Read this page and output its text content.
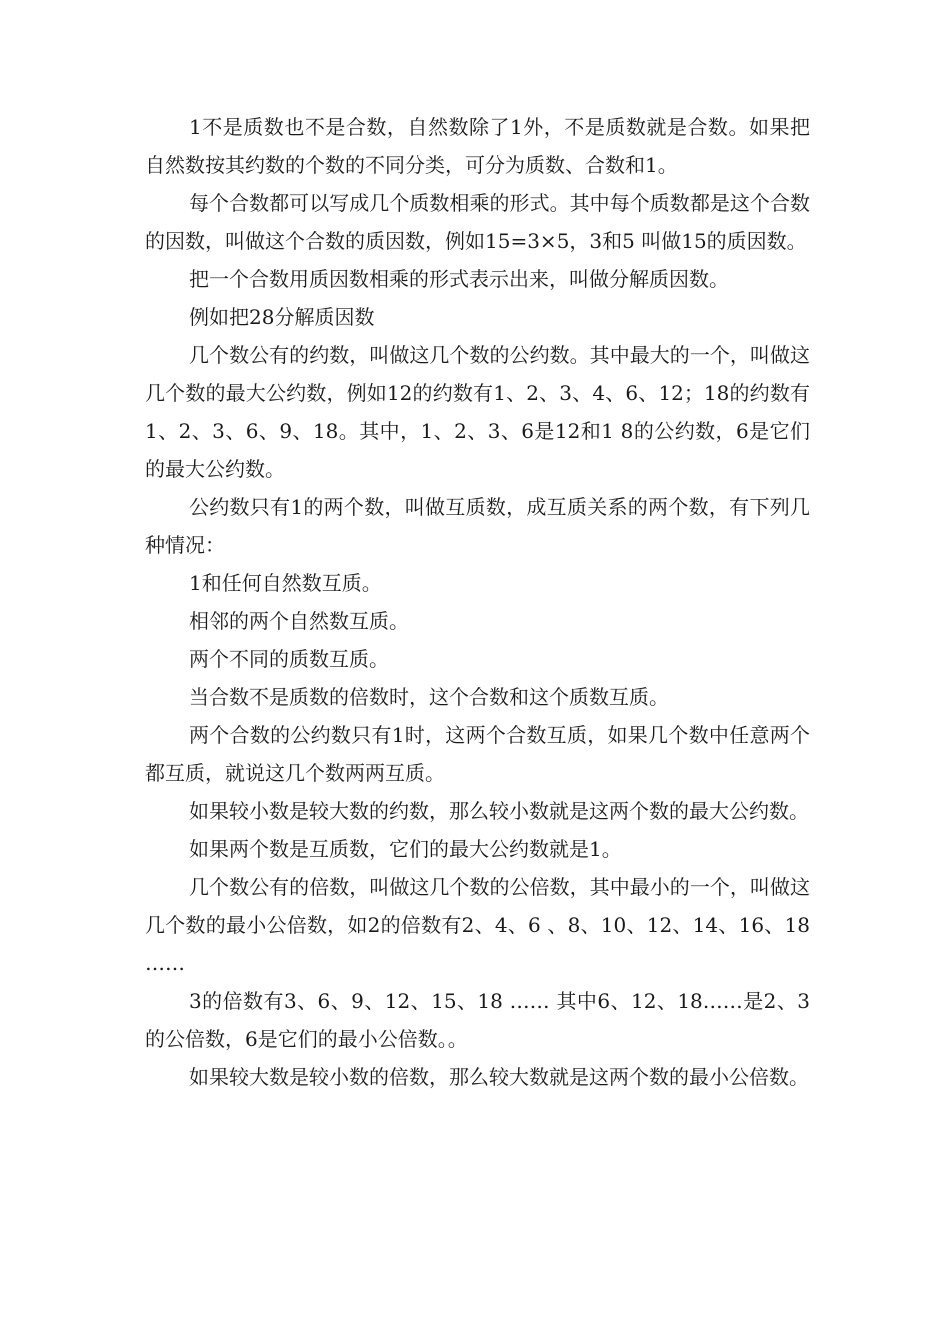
1不是质数也不是合数，自然数除了1外，不是质数就是合数。如果把自然数按其约数的个数的不同分类，可分为质数、合数和1。

每个合数都可以写成几个质数相乘的形式。其中每个质数都是这个合数的因数，叫做这个合数的质因数，例如15=3×5，3和5 叫做15的质因数。

把一个合数用质因数相乘的形式表示出来，叫做分解质因数。

例如把28分解质因数

几个数公有的约数，叫做这几个数的公约数。其中最大的一个，叫做这几个数的最大公约数，例如12的约数有1、2、3、4、6、12；18的约数有1、2、3、6、9、18。其中，1、2、3、6是12和1 8的公约数，6是它们的最大公约数。

公约数只有1的两个数，叫做互质数，成互质关系的两个数，有下列几种情况：

1和任何自然数互质。

相邻的两个自然数互质。

两个不同的质数互质。

当合数不是质数的倍数时，这个合数和这个质数互质。

两个合数的公约数只有1时，这两个合数互质，如果几个数中任意两个都互质，就说这几个数两两互质。

如果较小数是较大数的约数，那么较小数就是这两个数的最大公约数。

如果两个数是互质数，它们的最大公约数就是1。

几个数公有的倍数，叫做这几个数的公倍数，其中最小的一个，叫做这几个数的最小公倍数，如2的倍数有2、4、6 、8、10、12、14、16、18 ……

3的倍数有3、6、9、12、15、18 …… 其中6、12、18……是2、3的公倍数，6是它们的最小公倍数。。

如果较大数是较小数的倍数，那么较大数就是这两个数的最小公倍数。
